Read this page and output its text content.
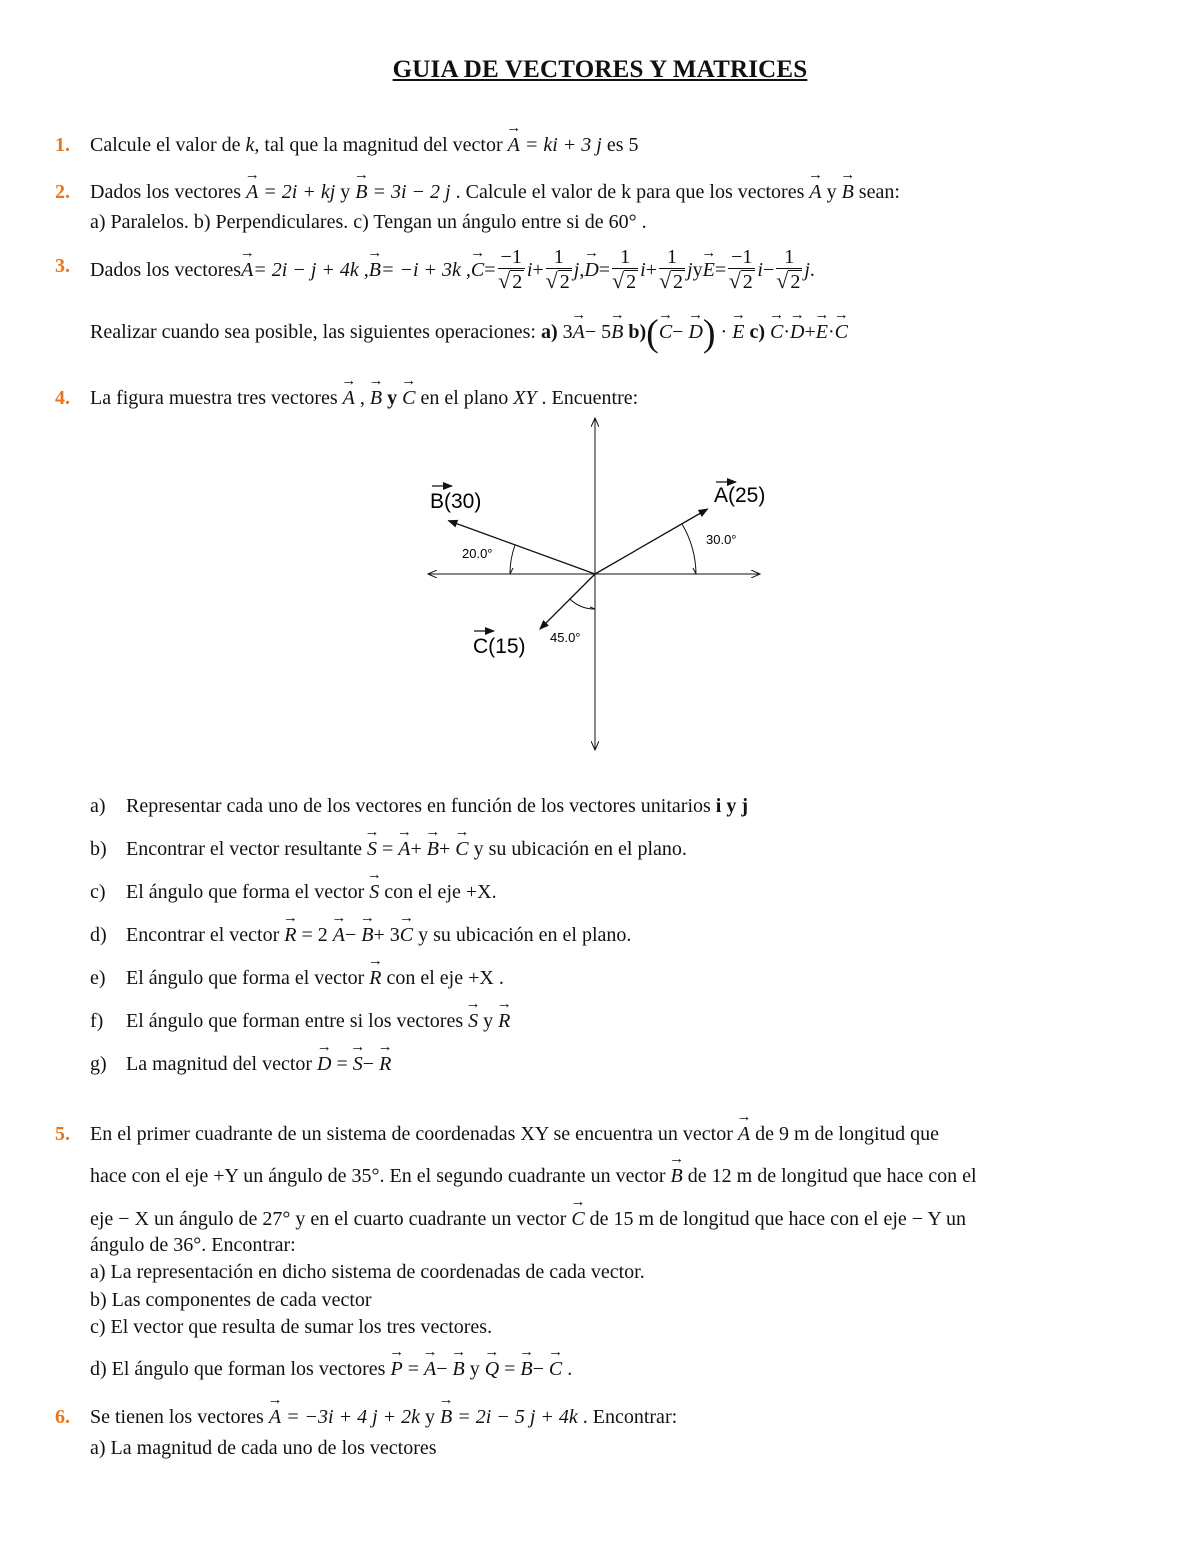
GUIA DE VECTORES Y MATRICES
1. Calcule el valor de k, tal que la magnitud del vector → A = ki + 3 j es 5
2. Dados los vectores → A = 2i + kj y → B = 3i − 2 j . Calcule el valor de k para que los vectores → A y → B sean:
a) Paralelos. b) Perpendiculares. c) Tengan un ángulo entre si de 60° .
3. Dados los vectores
→ A = 2i − j + 4k ,
→ B = −i + 3k ,
→ $C = \frac{-1}{√ 2}$ $i + \frac{1}{√ 2}$ j ,
→ $D = \frac{1}{√ 2}$ $i + \frac{1}{√ 2}$ j y
→ $E = \frac{-1}{√ 2}$ $i - \frac{1}{√ 2}$ j .
Realizar cuando sea posible, las siguientes operaciones: a) 3→ A− 5→ B b)(→ C− → D) · → E c) → C·→ D+→ E·→ C
4. La figura muestra tres vectores → A , → B y → C en el plano XY . Encuentre:
30.0°
20.0°
45.0°
A(25)
B(30)
C(15)
a) Representar cada uno de los vectores en función de los vectores unitarios i y j
b) Encontrar el vector resultante → S = → A+ → B+ → C y su ubicación en el plano.
c) El ángulo que forma el vector → S con el eje +X.
d) Encontrar el vector → R = 2 → A− → B+ 3→ C y su ubicación en el plano.
e) El ángulo que forma el vector → R con el eje +X .
f) El ángulo que forman entre si los vectores → S y → R
g) La magnitud del vector → D = → S− → R
5. En el primer cuadrante de un sistema de coordenadas XY se encuentra un vector → A de 9 m de longitud que
hace con el eje +Y un ángulo de 35°. En el segundo cuadrante un vector → B de 12 m de longitud que hace con el
eje − X un ángulo de 27° y en el cuarto cuadrante un vector → C de 15 m de longitud que hace con el eje − Y un
ángulo de 36°. Encontrar:
a) La representación en dicho sistema de coordenadas de cada vector.
b) Las componentes de cada vector
c) El vector que resulta de sumar los tres vectores.
d) El ángulo que forman los vectores → P = → A− → B y → Q = → B− → C .
6. Se tienen los vectores → A = −3i + 4 j + 2k y → B = 2i − 5 j + 4k . Encontrar:
a) La magnitud de cada uno de los vectores
